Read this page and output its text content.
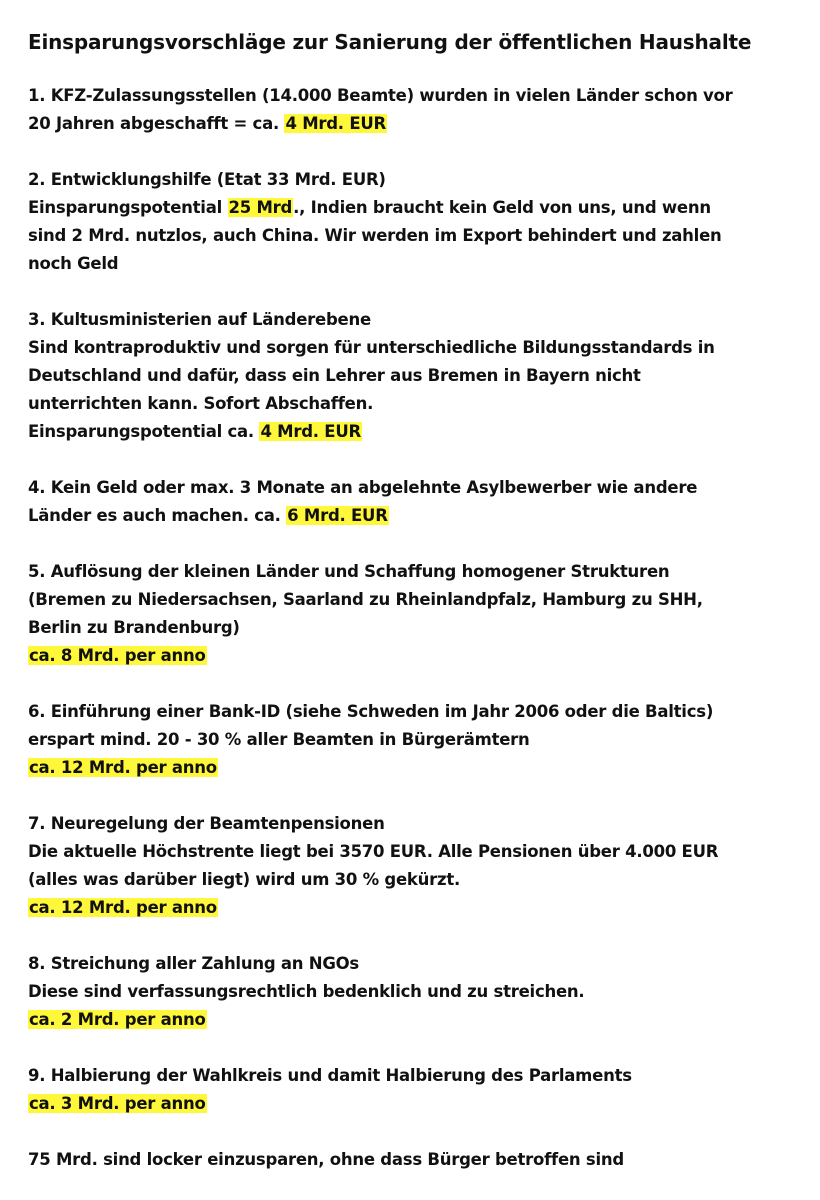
Einsparungsvorschläge zur Sanierung der öffentlichen Haushalte
1. KFZ-Zulassungsstellen (14.000 Beamte) wurden in vielen Länder schon vor
20 Jahren abgeschafft = ca. 4 Mrd. EUR
2. Entwicklungshilfe (Etat 33 Mrd. EUR)
Einsparungspotential 25 Mrd., Indien braucht kein Geld von uns, und wenn
sind 2 Mrd. nutzlos, auch China. Wir werden im Export behindert und zahlen
noch Geld
3. Kultusministerien auf Länderebene
Sind kontraproduktiv und sorgen für unterschiedliche Bildungsstandards in
Deutschland und dafür, dass ein Lehrer aus Bremen in Bayern nicht
unterrichten kann. Sofort Abschaffen.
Einsparungspotential ca. 4 Mrd. EUR
4. Kein Geld oder max. 3 Monate an abgelehnte Asylbewerber wie andere
Länder es auch machen. ca. 6 Mrd. EUR
5. Auflösung der kleinen Länder und Schaffung homogener Strukturen
(Bremen zu Niedersachsen, Saarland zu Rheinlandpfalz, Hamburg zu SHH,
Berlin zu Brandenburg)
ca. 8 Mrd. per anno
6. Einführung einer Bank-ID (siehe Schweden im Jahr 2006 oder die Baltics)
erspart mind. 20 - 30 % aller Beamten in Bürgerämtern
ca. 12 Mrd. per anno
7. Neuregelung der Beamtenpensionen
Die aktuelle Höchstrente liegt bei 3570 EUR. Alle Pensionen über 4.000 EUR
(alles was darüber liegt) wird um 30 % gekürzt.
ca. 12 Mrd. per anno
8. Streichung aller Zahlung an NGOs
Diese sind verfassungsrechtlich bedenklich und zu streichen.
ca. 2 Mrd. per anno
9. Halbierung der Wahlkreis und damit Halbierung des Parlaments
ca. 3 Mrd. per anno
75 Mrd. sind locker einzusparen, ohne dass Bürger betroffen sind
